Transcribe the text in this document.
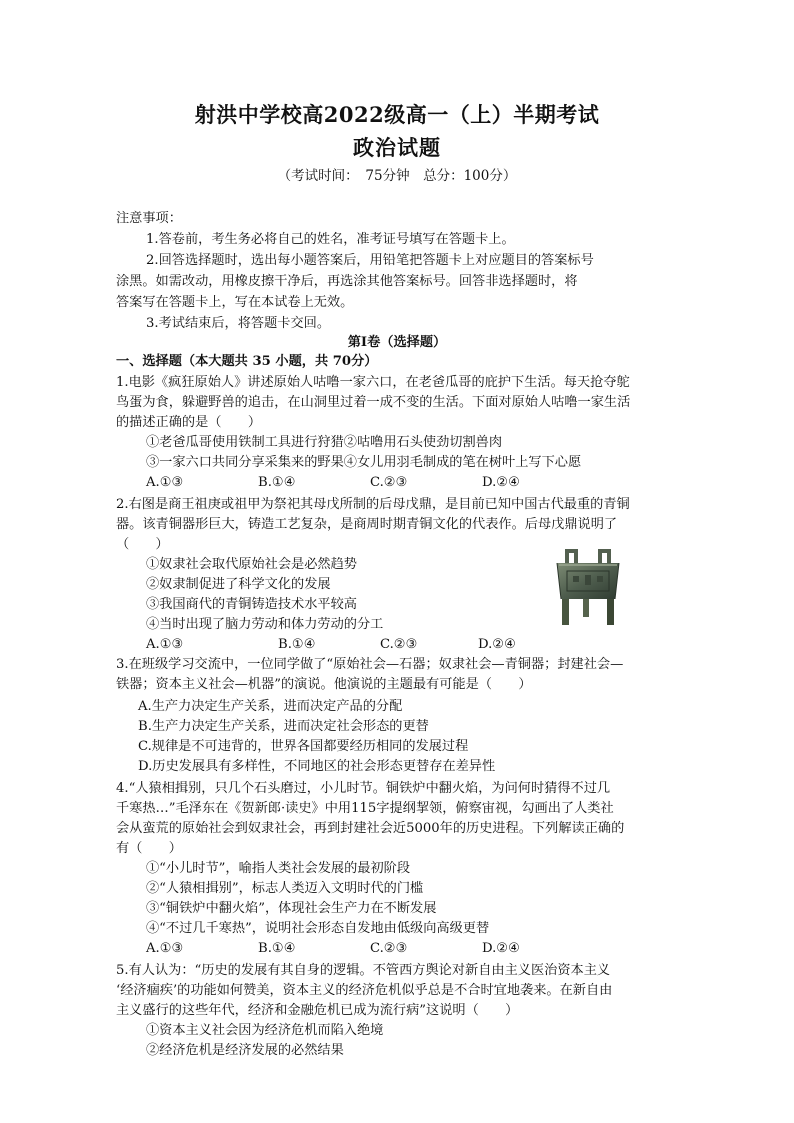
射洪中学校高2022级高一（上）半期考试
政治试题
（考试时间：　75分钟　总分：100分）
注意事项：
1.答卷前，考生务必将自己的姓名，准考证号填写在答题卡上。
2.回答选择题时，选出每小题答案后，用铅笔把答题卡上对应题目的答案标号
涂黑。如需改动，用橡皮擦干净后，再选涂其他答案标号。回答非选择题时，将
答案写在答题卡上，写在本试卷上无效。
3.考试结束后，将答题卡交回。
第Ⅰ卷（选择题）
一、选择题（本大题共 35 小题，共 70分）
1.电影《疯狂原始人》讲述原始人咕噜一家六口，在老爸瓜哥的庇护下生活。每天抢夺鸵
鸟蛋为食，躲避野兽的追击，在山洞里过着一成不变的生活。下面对原始人咕噜一家生活
的描述正确的是（　　）
①老爸瓜哥使用铁制工具进行狩猎②咕噜用石头使劲切割兽肉
③一家六口共同分享采集来的野果④女儿用羽毛制成的笔在树叶上写下心愿
A.①③	B.①④	C.②③	D.②④
2.右图是商王祖庚或祖甲为祭祀其母戊所制的后母戊鼎，是目前已知中国古代最重的青铜
器。该青铜器形巨大，铸造工艺复杂，是商周时期青铜文化的代表作。后母戊鼎说明了
（　　）
①奴隶社会取代原始社会是必然趋势
②奴隶制促进了科学文化的发展
③我国商代的青铜铸造技术水平较高
④当时出现了脑力劳动和体力劳动的分工
A.①③	B.①④	C.②③	D.②④
3.在班级学习交流中，一位同学做了“原始社会—石器；奴隶社会—青铜器；封建社会—
铁器；资本主义社会—机器”的演说。他演说的主题最有可能是（　　）
A.生产力决定生产关系，进而决定产品的分配
B.生产力决定生产关系，进而决定社会形态的更替
C.规律是不可违背的，世界各国都要经历相同的发展过程
D.历史发展具有多样性，不同地区的社会形态更替存在差异性
4.“人猿相揖别，只几个石头磨过，小儿时节。铜铁炉中翻火焰，为问何时猜得不过几
千寒热…”毛泽东在《贺新郎·读史》中用115字提纲挈领，俯察宙视，勾画出了人类社
会从蛮荒的原始社会到奴隶社会，再到封建社会近5000年的历史进程。下列解读正确的
有（　　）
①“小儿时节”，喻指人类社会发展的最初阶段
②“人猿相揖别”，标志人类迈入文明时代的门槛
③“铜铁炉中翻火焰”，体现社会生产力在不断发展
④“不过几千寒热”，说明社会形态自发地由低级向高级更替
A.①③	B.①④	C.②③	D.②④
5.有人认为：“历史的发展有其自身的逻辑。不管西方舆论对新自由主义医治资本主义
‘经济痼疾’的功能如何赞美，资本主义的经济危机似乎总是不合时宜地袭来。在新自由
主义盛行的这些年代，经济和金融危机已成为流行病”这说明（　　）
①资本主义社会因为经济危机而陷入绝境
②经济危机是经济发展的必然结果
